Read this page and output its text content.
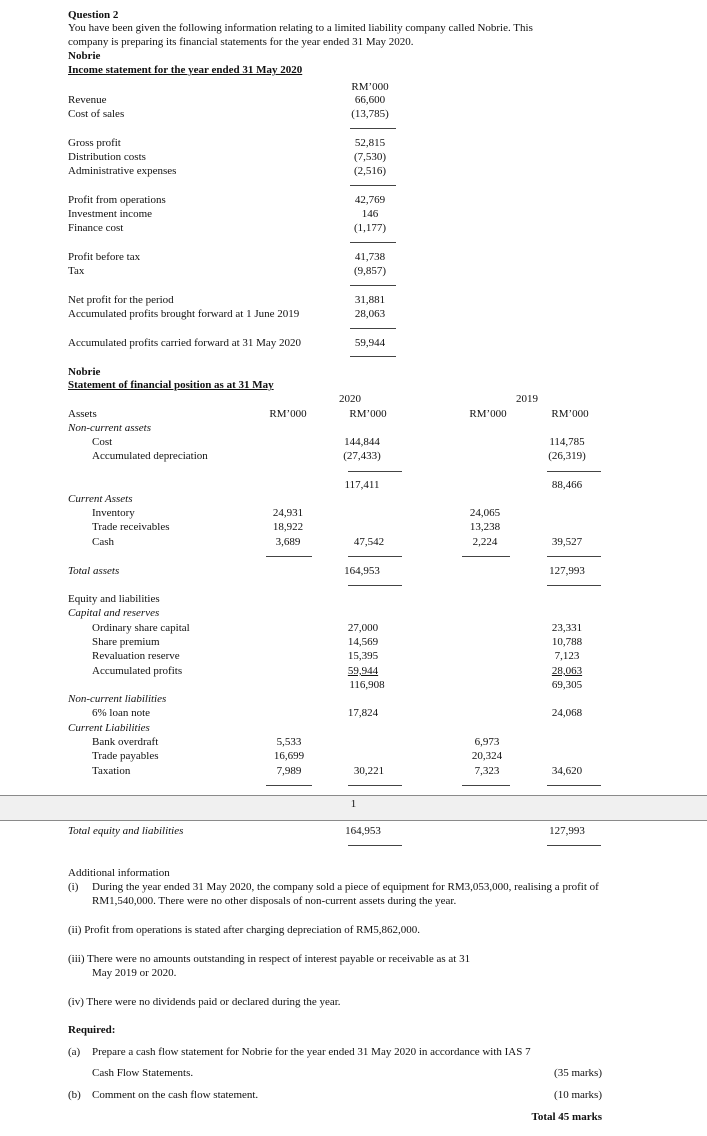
Question 2
You have been given the following information relating to a limited liability company called Nobrie. This
company is preparing its financial statements for the year ended 31 May 2020.
Nobrie
Income statement for the year ended 31 May 2020
RM’000
Revenue	66,600
Cost of sales	(13,785)
Gross profit	52,815
Distribution costs	(7,530)
Administrative expenses	(2,516)
Profit from operations	42,769
Investment income	146
Finance cost	(1,177)
Profit before tax	41,738
Tax	(9,857)
Net profit for the period	31,881
Accumulated profits brought forward at 1 June 2019	28,063
Accumulated profits carried forward at 31 May 2020	59,944
Nobrie
Statement of financial position as at 31 May
2020	2019
Assets	RM’000	RM’000	RM’000	RM’000
Non-current assets
Cost	144,844	114,785
Accumulated depreciation	(27,433)	(26,319)
117,411	88,466
Current Assets
Inventory	24,931	24,065
Trade receivables	18,922	13,238
Cash	3,689	47,542	2,224	39,527
Total assets	164,953	127,993
Equity and liabilities
Capital and reserves
Ordinary share capital	27,000	23,331
Share premium	14,569	10,788
Revaluation reserve	15,395	7,123
Accumulated profits	59,944	28,063
116,908	69,305
Non-current liabilities
6% loan note	17,824	24,068
Current Liabilities
Bank overdraft	5,533	6,973
Trade payables	16,699	20,324
Taxation	7,989	30,221	7,323	34,620
1
Total equity and liabilities	164,953	127,993
Additional information
(i) During the year ended 31 May 2020, the company sold a piece of equipment for RM3,053,000, realising a profit of RM1,540,000. There were no other disposals of non-current assets during the year.
(ii) Profit from operations is stated after charging depreciation of RM5,862,000.
(iii) There were no amounts outstanding in respect of interest payable or receivable as at 31
May 2019 or 2020.
(iv) There were no dividends paid or declared during the year.
Required:
(a) Prepare a cash flow statement for Nobrie for the year ended 31 May 2020 in accordance with IAS 7
Cash Flow Statements.	(35 marks)
(b) Comment on the cash flow statement.	(10 marks)
Total 45 marks
